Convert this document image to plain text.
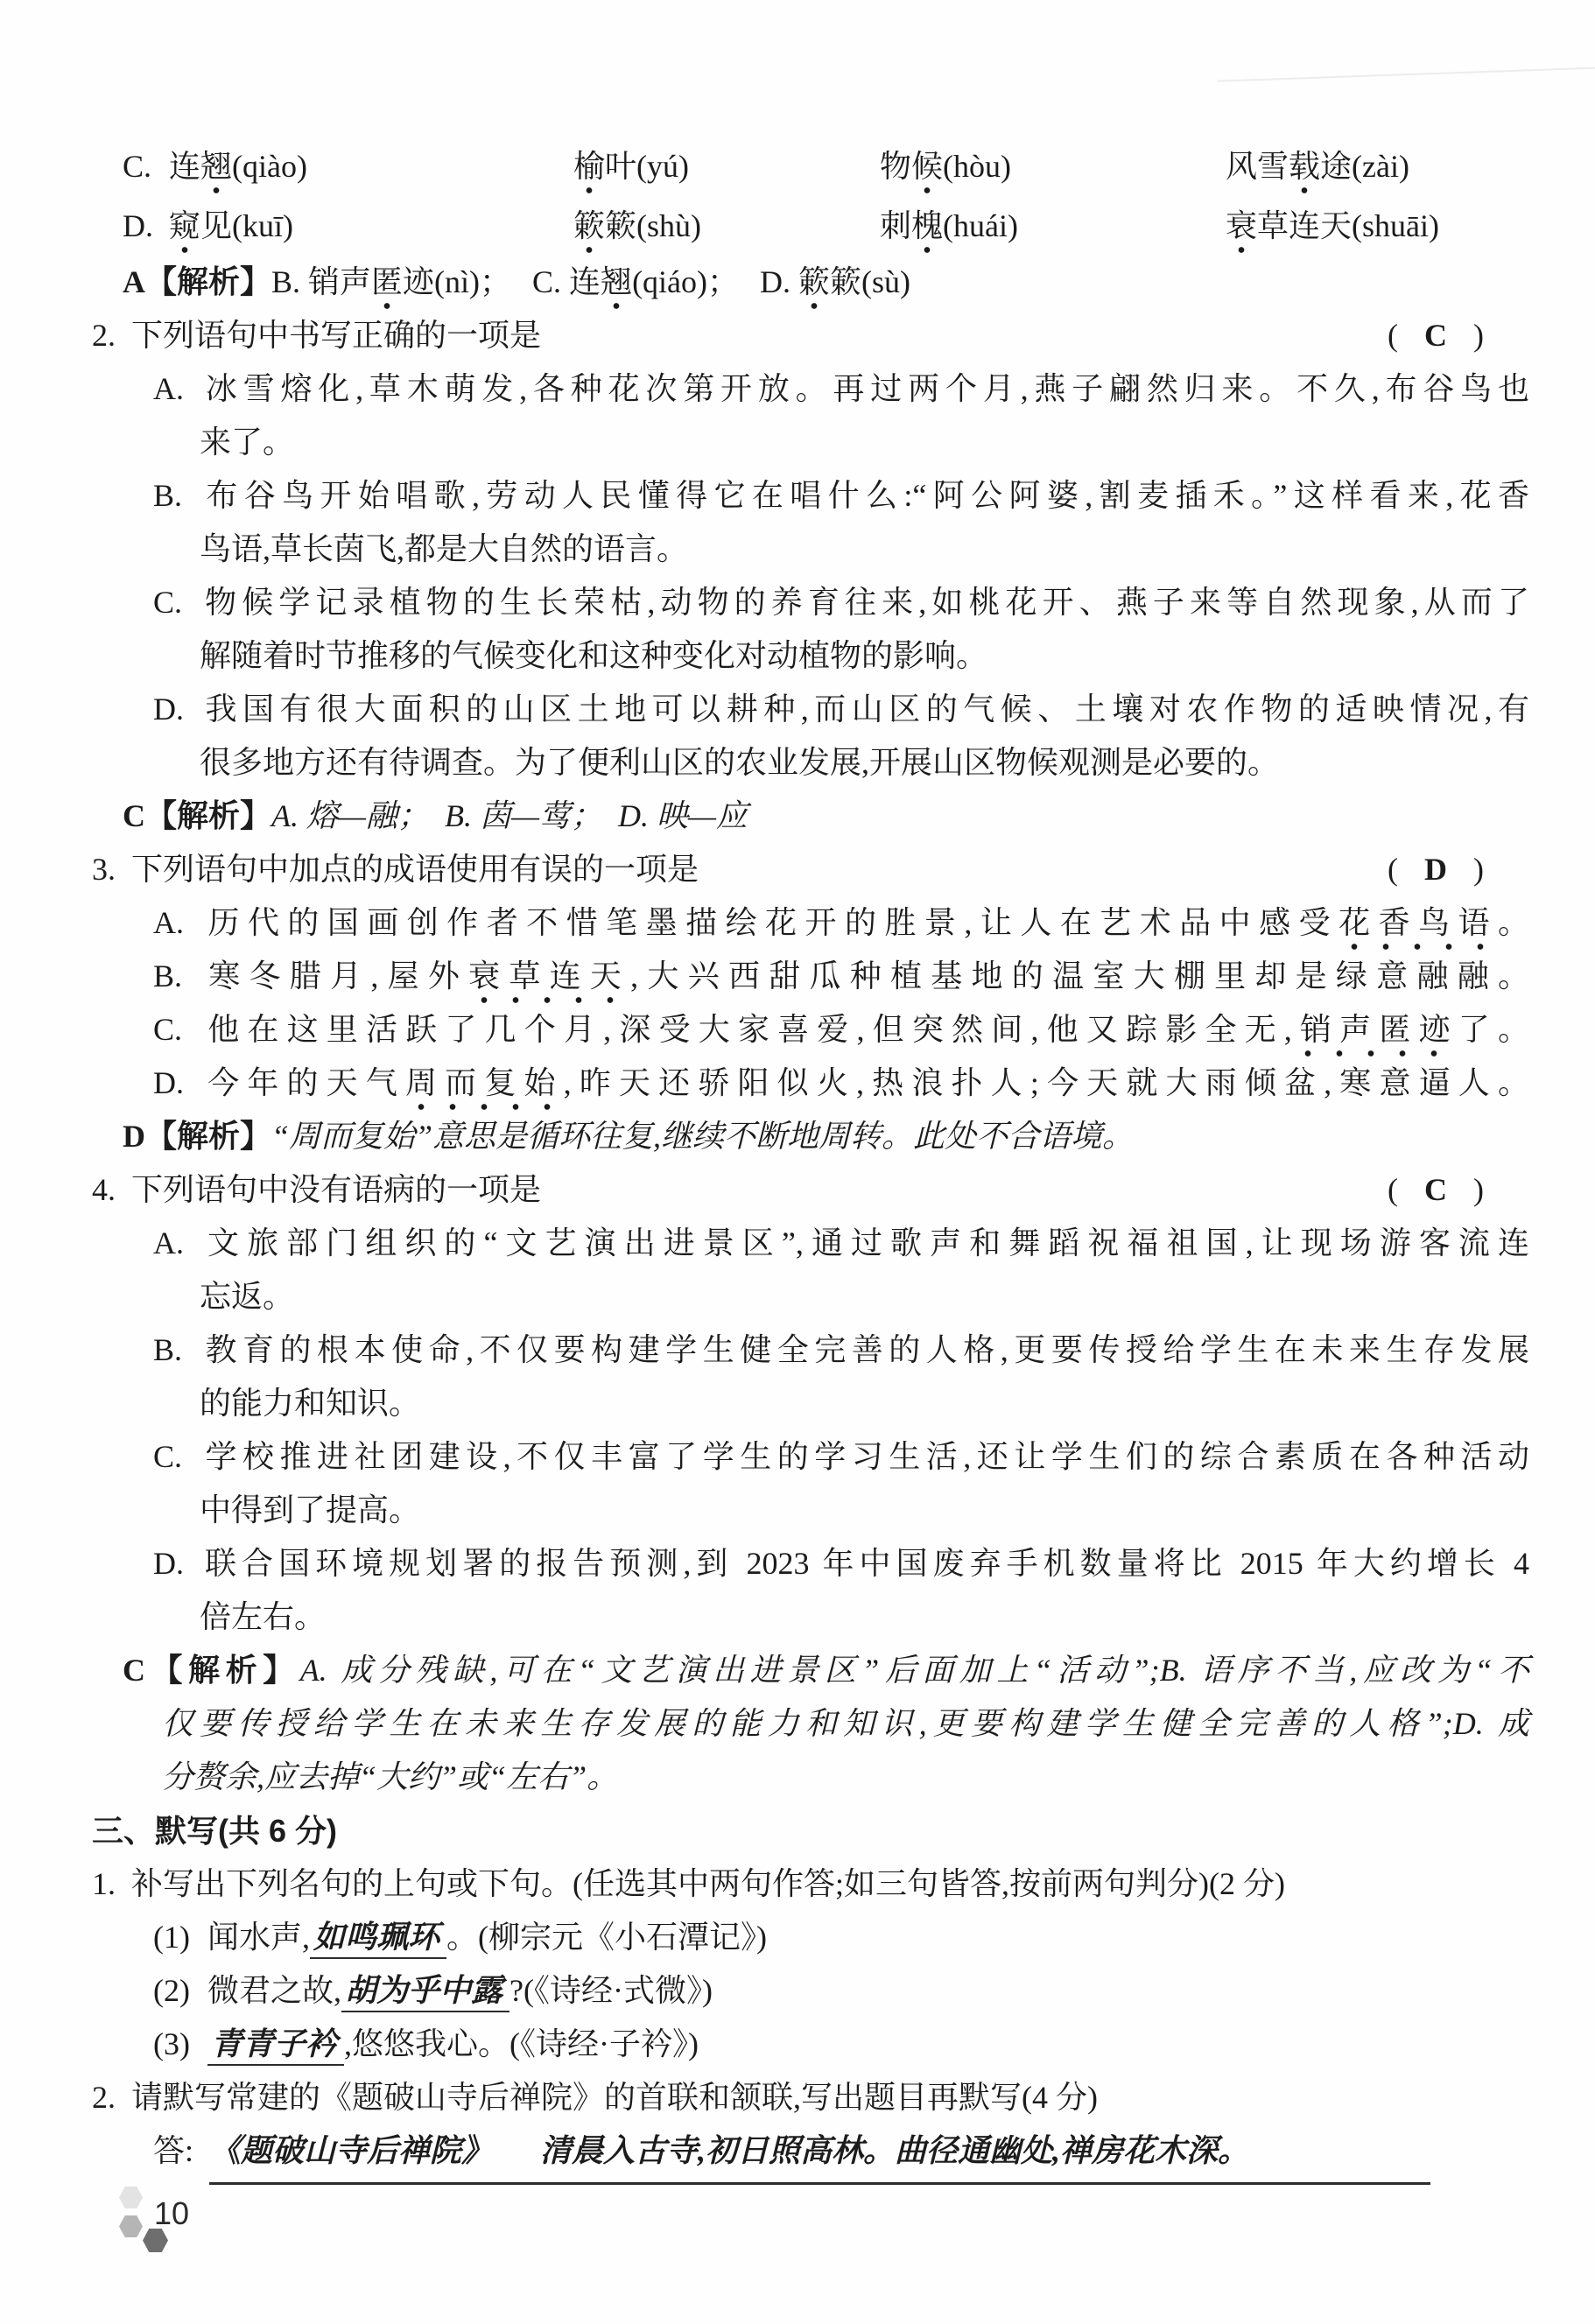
C. 连翘(qiào)	榆叶(yú)	物候(hòu)	风雪载途(zài)
D. 窥见(kuī)	簌簌(shù)	刺槐(huái)	衰草连天(shuāi)
A【解析】B. 销声匿迹(nì)； C. 连翘(qiáo)； D. 簌簌(sù)
2. 下列语句中书写正确的一项是	( C )
A. 冰雪熔化,草木萌发,各种花次第开放。再过两个月,燕子翩然归来。不久,布谷鸟也
来了。
B. 布谷鸟开始唱歌,劳动人民懂得它在唱什么:“阿公阿婆,割麦插禾。”这样看来,花香
鸟语,草长茵飞,都是大自然的语言。
C. 物候学记录植物的生长荣枯,动物的养育往来,如桃花开、燕子来等自然现象,从而了
解随着时节推移的气候变化和这种变化对动植物的影响。
D. 我国有很大面积的山区土地可以耕种,而山区的气候、土壤对农作物的适映情况,有
很多地方还有待调查。为了便利山区的农业发展,开展山区物候观测是必要的。
C【解析】A. 熔—融；　B. 茵—莺；　D. 映—应
3. 下列语句中加点的成语使用有误的一项是	( D )
A. 历代的国画创作者不惜笔墨描绘花开的胜景,让人在艺术品中感受花香鸟语。
B. 寒冬腊月,屋外衰草连天,大兴西甜瓜种植基地的温室大棚里却是绿意融融。
C. 他在这里活跃了几个月,深受大家喜爱,但突然间,他又踪影全无,销声匿迹了。
D. 今年的天气周而复始,昨天还骄阳似火,热浪扑人;今天就大雨倾盆,寒意逼人。
D【解析】“周而复始”意思是循环往复,继续不断地周转。此处不合语境。
4. 下列语句中没有语病的一项是	( C )
A. 文旅部门组织的“文艺演出进景区”,通过歌声和舞蹈祝福祖国,让现场游客流连
忘返。
B. 教育的根本使命,不仅要构建学生健全完善的人格,更要传授给学生在未来生存发展
的能力和知识。
C. 学校推进社团建设,不仅丰富了学生的学习生活,还让学生们的综合素质在各种活动
中得到了提高。
D. 联合国环境规划署的报告预测,到 2023 年中国废弃手机数量将比 2015 年大约增长 4
倍左右。
C【解析】A. 成分残缺,可在“文艺演出进景区”后面加上“活动”;B. 语序不当,应改为“不
仅要传授给学生在未来生存发展的能力和知识,更要构建学生健全完善的人格”;D. 成
分赘余,应去掉“大约”或“左右”。
三、默写(共 6 分)
1. 补写出下列名句的上句或下句。(任选其中两句作答;如三句皆答,按前两句判分)(2 分)
(1) 闻水声, 如鸣珮环 。(柳宗元《小石潭记》)
(2) 微君之故, 胡为乎中露 ?(《诗经·式微》)
(3) 青青子衿 ,悠悠我心。(《诗经·子衿》)
2. 请默写常建的《题破山寺后禅院》的首联和颔联,写出题目再默写(4 分)
答: 《题破山寺后禅院》　　清晨入古寺,初日照高林。曲径通幽处,禅房花木深。
10
